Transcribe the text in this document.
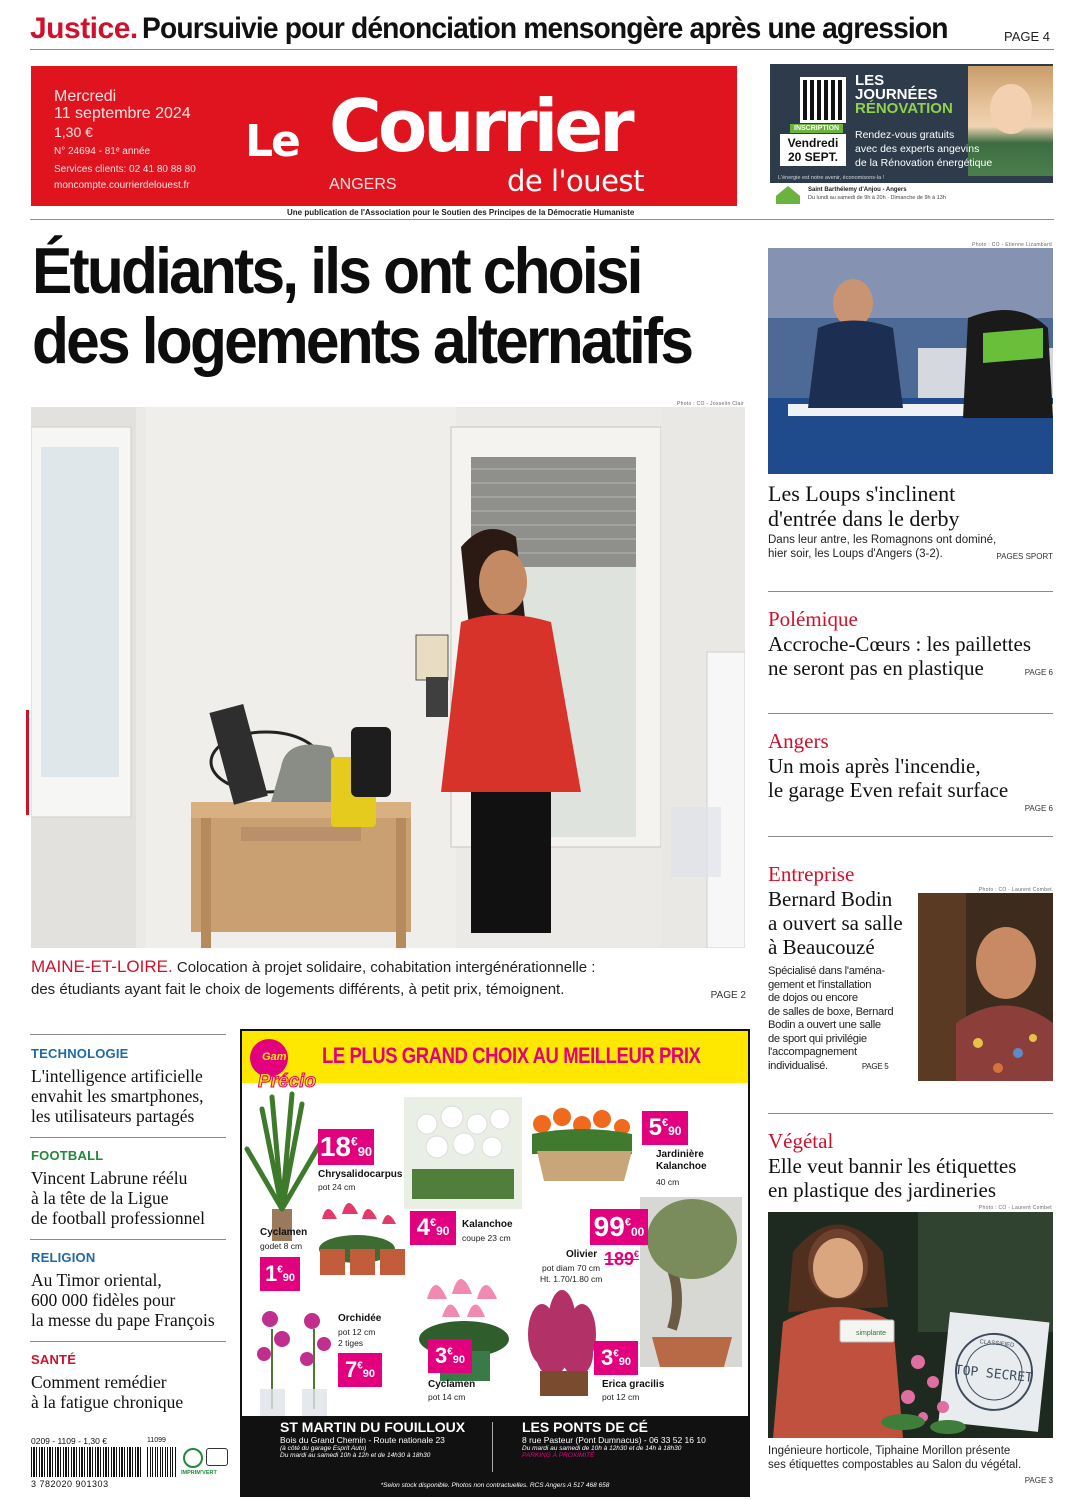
Justice. Poursuivie pour dénonciation mensongère après une agression	PAGE 4
Mercredi
11 septembre 2024
1,30 €
N° 24694 - 81ᵉ année
Services clients: 02 41 80 88 80
moncompte.courrierdelouest.fr
Le Courrier
ANGERS	de l'ouest
Une publication de l'Association pour le Soutien des Principes de la Démocratie Humaniste
LES
JOURNÉES
RÉNOVATION
INSCRIPTION
Vendredi
20 SEPT.
Rendez-vous gratuits
avec des experts angevins
de la Rénovation énergétique
L'énergie est notre avenir, économisons-la !
Saint Barthélemy d'Anjou - Angers
Du lundi au samedi de 9h à 20h · Dimanche de 9h à 13h
Étudiants, ils ont choisi
des logements alternatifs
Photo : CO - Josselin Clair
MAINE-ET-LOIRE. Colocation à projet solidaire, cohabitation intergénérationnelle :
des étudiants ayant fait le choix de logements différents, à petit prix, témoignent.	PAGE 2
Photo : CO - Etienne Lizambard
Les Loups s'inclinent
d'entrée dans le derby
Dans leur antre, les Romagnons ont dominé,
hier soir, les Loups d'Angers (3-2).	PAGES SPORT
Polémique
Accroche-Cœurs : les paillettes
ne seront pas en plastique	PAGE 6
Angers
Un mois après l'incendie,
le garage Even refait surface
PAGE 6
Entreprise
Bernard Bodin
a ouvert sa salle
à Beaucouzé
Spécialisé dans l'aména-
gement et l'installation
de dojos ou encore
de salles de boxe, Bernard
Bodin a ouvert une salle
de sport qui privilégie
l'accompagnement
individualisé.	PAGE 5
Photo : CO - Laurent Combet
Végétal
Elle veut bannir les étiquettes
en plastique des jardineries
Photo : CO - Laurent Combet
simplante
TOP SECRET
CLASSIFIED
Ingénieure horticole, Tiphaine Morillon présente
ses étiquettes compostables au Salon du végétal.
PAGE 3
TECHNOLOGIE
L'intelligence artificielle
envahit les smartphones,
les utilisateurs partagés
FOOTBALL
Vincent Labrune réélu
à la tête de la Ligue
de football professionnel
RELIGION
Au Timor oriental,
600 000 fidèles pour
la messe du pape François
SANTÉ
Comment remédier
à la fatigue chronique
0209 - 1109 - 1,30 €	11099
3 782020 901303
IMPRIM'VERT
Gam
Précio
LE PLUS GRAND CHOIX AU MEILLEUR PRIX
18€90
Chrysalidocarpus
pot 24 cm
4€90	Kalanchoe
coupe 23 cm
5€90
Jardinière Kalanchoe
40 cm
Cyclamen
godet 8 cm
1€90
99€00
Olivier
pot diam 70 cm
Ht. 1.70/1.80 cm
189€
Orchidée
pot 12 cm
2 tiges
7€90
3€90
Cyclamen
pot 14 cm
3€90
Erica gracilis
pot 12 cm
ST MARTIN DU FOUILLOUX
Bois du Grand Chemin - Route nationale 23
(à côté du garage Esprit Auto)
Du mardi au samedi 10h à 12h et de 14h30 à 18h30
LES PONTS DE CÉ
8 rue Pasteur (Pont Dumnacus) - 06 33 52 16 10
Du mardi au samedi de 10h à 12h30 et de 14h à 18h30
PARKING À PROXIMITÉ
*Selon stock disponible. Photos non contractuelles. RCS Angers A 517 468 658
